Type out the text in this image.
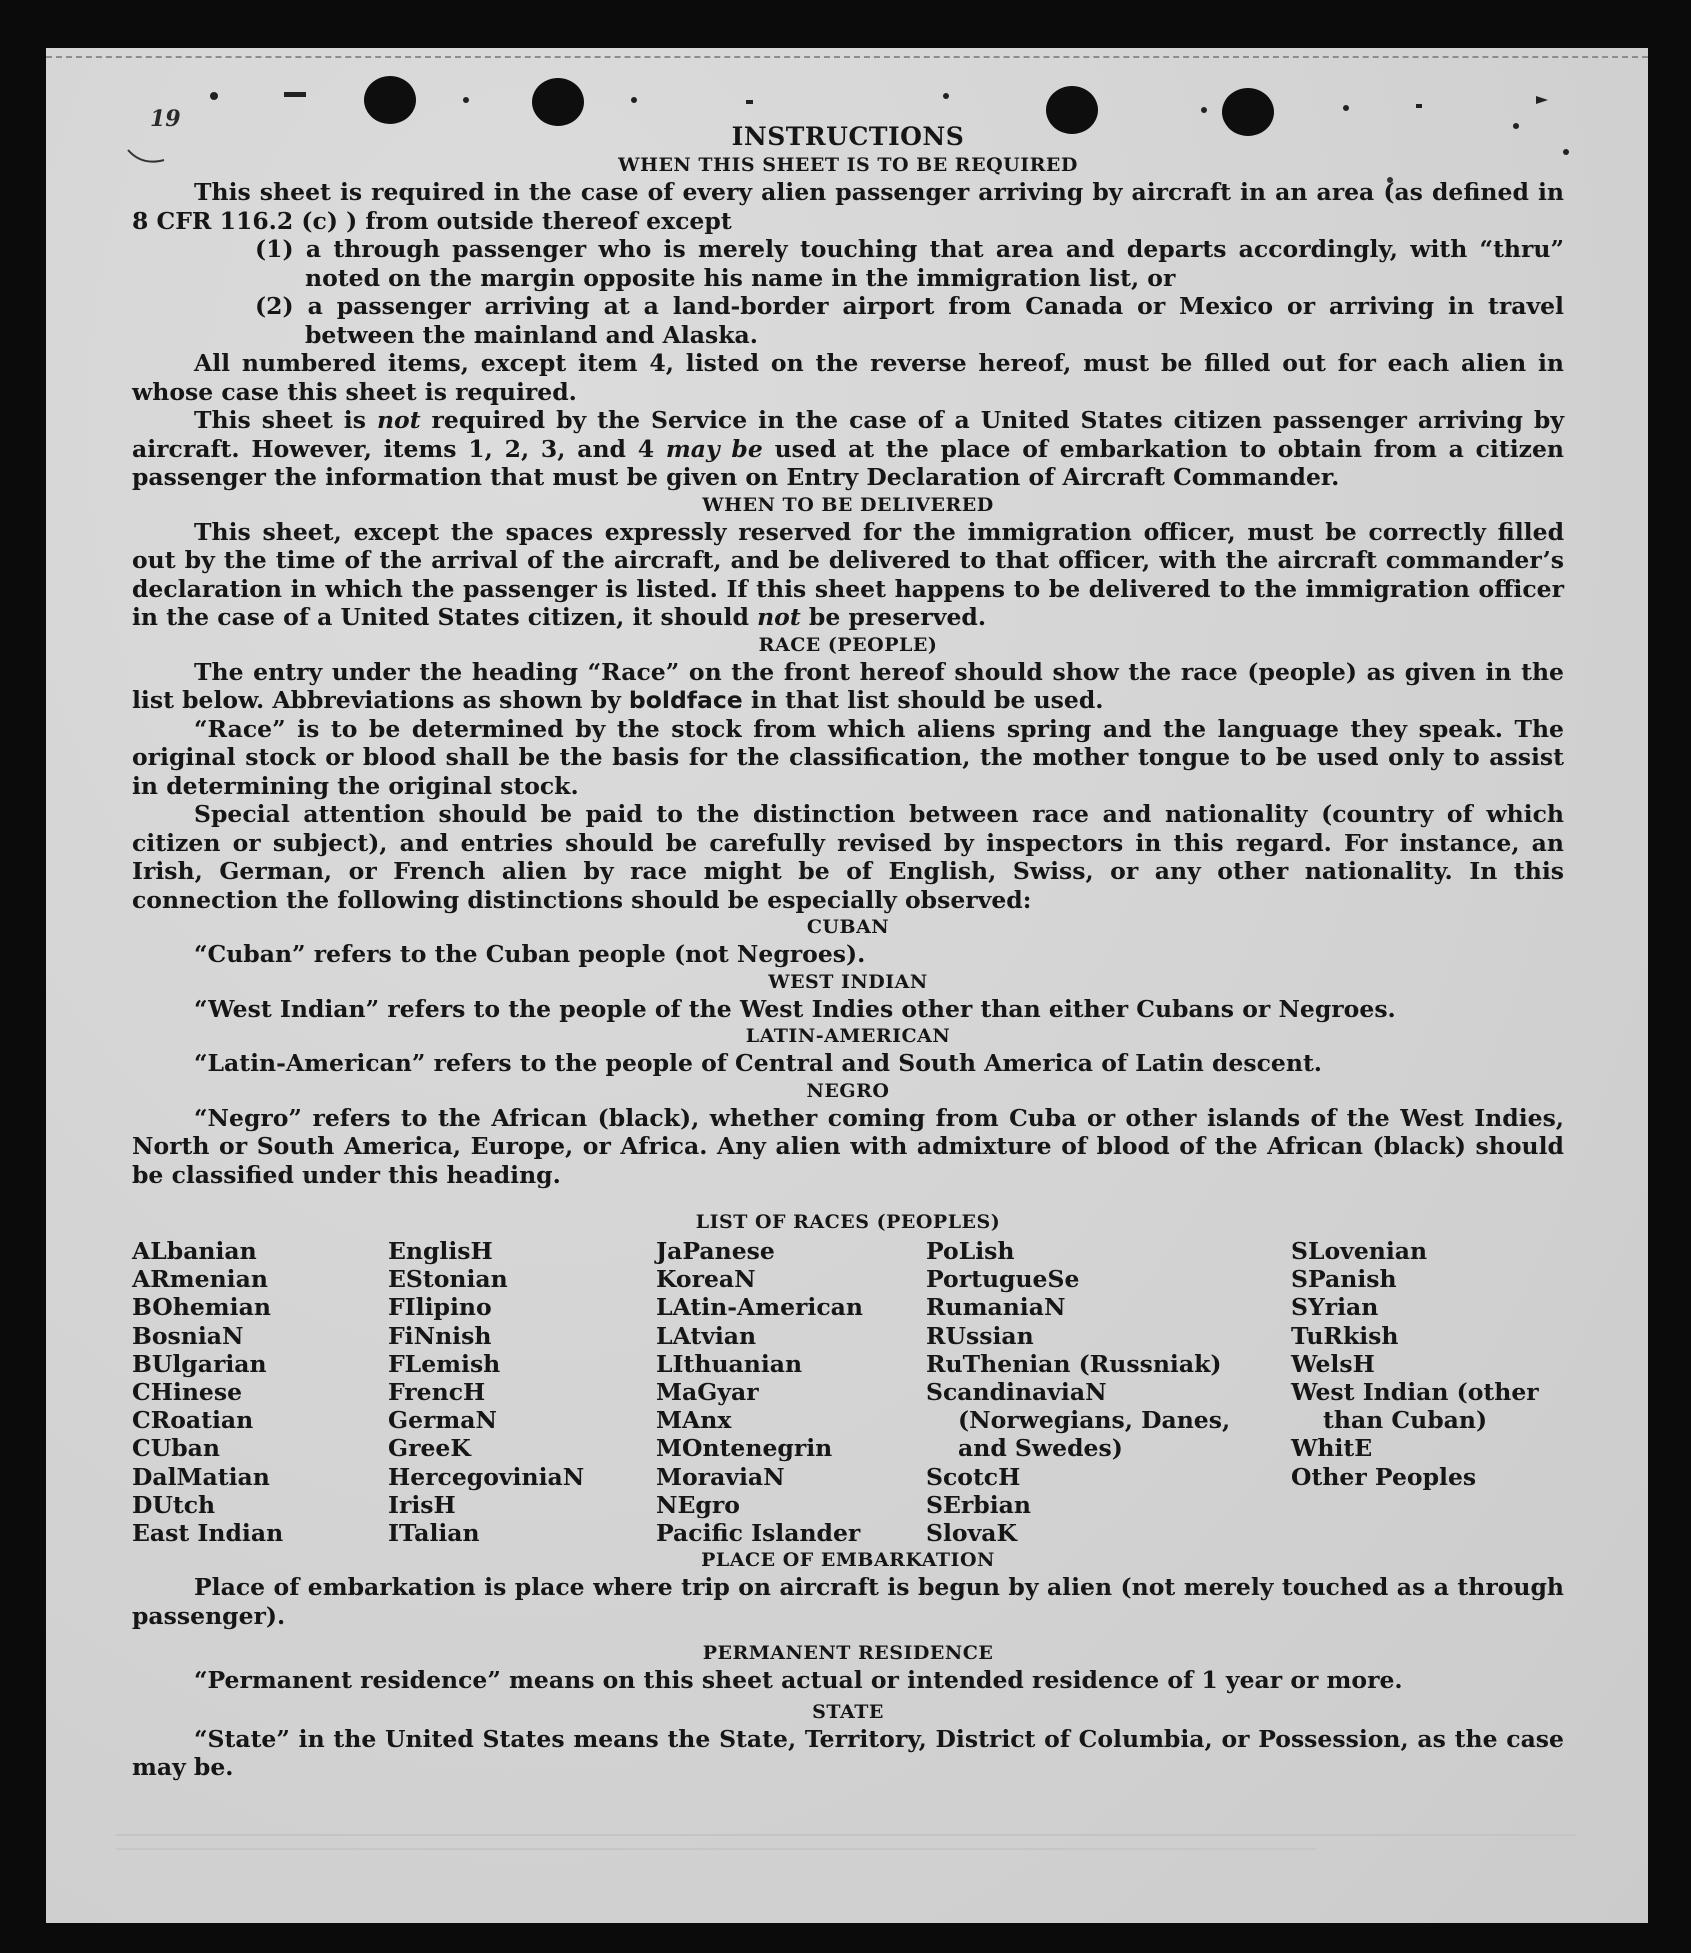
19
INSTRUCTIONS
WHEN THIS SHEET IS TO BE REQUIRED

This sheet is required in the case of every alien passenger arriving by aircraft in an area (as defined in 8 CFR 116.2 (c) ) from outside thereof except

(1) a through passenger who is merely touching that area and departs accordingly, with “thru” noted on the margin opposite his name in the immigration list, or

(2) a passenger arriving at a land-border airport from Canada or Mexico or arriving in travel between the mainland and Alaska.

All numbered items, except item 4, listed on the reverse hereof, must be filled out for each alien in whose case this sheet is required.

This sheet is not required by the Service in the case of a United States citizen passenger arriving by aircraft. However, items 1, 2, 3, and 4 may be used at the place of embarkation to obtain from a citizen passenger the information that must be given on Entry Declaration of Aircraft Commander.

WHEN TO BE DELIVERED

This sheet, except the spaces expressly reserved for the immigration officer, must be correctly filled out by the time of the arrival of the aircraft, and be delivered to that officer, with the aircraft commander’s declaration in which the passenger is listed. If this sheet happens to be delivered to the immigration officer in the case of a United States citizen, it should not be preserved.

RACE (PEOPLE)

The entry under the heading “Race” on the front hereof should show the race (people) as given in the list below. Abbreviations as shown by boldface in that list should be used.

“Race” is to be determined by the stock from which aliens spring and the language they speak. The original stock or blood shall be the basis for the classification, the mother tongue to be used only to assist in determining the original stock.

Special attention should be paid to the distinction between race and nationality (country of which citizen or subject), and entries should be carefully revised by inspectors in this regard. For instance, an Irish, German, or French alien by race might be of English, Swiss, or any other nationality. In this connection the following distinctions should be especially observed:

CUBAN

“Cuban” refers to the Cuban people (not Negroes).

WEST INDIAN

“West Indian” refers to the people of the West Indies other than either Cubans or Negroes.

LATIN-AMERICAN

“Latin-American” refers to the people of Central and South America of Latin descent.

NEGRO

“Negro” refers to the African (black), whether coming from Cuba or other islands of the West Indies, North or South America, Europe, or Africa. Any alien with admixture of blood of the African (black) should be classified under this heading.

LIST OF RACES (PEOPLES)
ALbanian
ARmenian
BOhemian
BosniaN
BUlgarian
CHinese
CRoatian
CUban
DalMatian
DUtch
East Indian
EnglisH
EStonian
FIlipino
FiNnish
FLemish
FrencH
GermaN
GreeK
HercegoviniaN
IrisH
ITalian
JaPanese
KoreaN
LAtin-American
LAtvian
LIthuanian
MaGyar
MAnx
MOntenegrin
MoraviaN
NEgro
Pacific Islander
PoLish
PortugueSe
RumaniaN
RUssian
RuThenian (Russniak)
ScandinaviaN (Norwegians, Danes, and Swedes)
ScotcH
SErbian
SlovaK
SLovenian
SPanish
SYrian
TuRkish
WelsH
West Indian (other than Cuban)
WhitE
Other Peoples
PLACE OF EMBARKATION

Place of embarkation is place where trip on aircraft is begun by alien (not merely touched as a through passenger).

PERMANENT RESIDENCE

“Permanent residence” means on this sheet actual or intended residence of 1 year or more.

STATE

“State” in the United States means the State, Territory, District of Columbia, or Possession, as the case may be.
